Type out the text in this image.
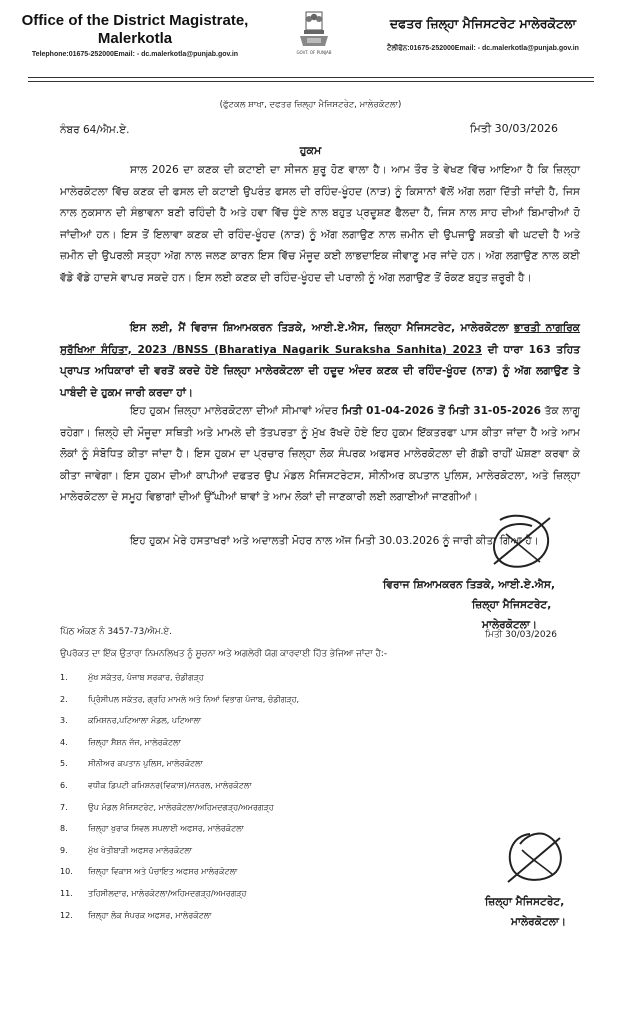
Office of the District Magistrate,
Malerkotla
Telephone:01675-252000Email: - dc.malerkotla@punjab.gov.in	GOVT. OF PUNJAB
ਦਫਤਰ ਜ਼ਿਲ੍ਹਾ ਮੈਜਿਸਟਰੇਟ ਮਾਲੇਰਕੋਟਲਾ
ਟੈਲੀਫੋਨ:01675-252000Email: - dc.malerkotla@punjab.gov.in
(ਫੁੱਟਕਲ ਸ਼ਾਖਾ, ਦਫਤਰ ਜ਼ਿਲ੍ਹਾ ਮੈਜਿਸਟਰੇਟ, ਮਾਲੇਰਕੋਟਲਾ)
ਨੰਬਰ 64/ਐਮ.ਏ.	ਮਿਤੀ 30/03/2026
ਹੁਕਮ

ਸਾਲ 2026 ਦਾ ਕਣਕ ਦੀ ਕਟਾਈ ਦਾ ਸੀਜਨ ਸ਼ੁਰੂ ਹੋਣ ਵਾਲਾ ਹੈ। ਆਮ ਤੌਰ ਤੇ ਵੇਖਣ ਵਿੱਚ ਆਇਆ ਹੈ ਕਿ ਜ਼ਿਲ੍ਹਾ ਮਾਲੇਰਕੋਟਲਾ ਵਿੱਚ ਕਣਕ ਦੀ ਫਸਲ ਦੀ ਕਟਾਈ ਉਪਰੰਤ ਫਸਲ ਦੀ ਰਹਿੰਦ-ਖੂੰਹਦ (ਨਾੜ) ਨੂੰ ਕਿਸਾਨਾਂ ਵੱਲੋਂ ਅੱਗ ਲਗਾ ਦਿੱਤੀ ਜਾਂਦੀ ਹੈ, ਜਿਸ ਨਾਲ ਨੁਕਸਾਨ ਦੀ ਸੰਭਾਵਨਾ ਬਣੀ ਰਹਿੰਦੀ ਹੈ ਅਤੇ ਹਵਾ ਵਿੱਚ ਧੂੰਏ ਨਾਲ ਬਹੁਤ ਪ੍ਰਦੂਸ਼ਣ ਫੈਲਦਾ ਹੈ, ਜਿਸ ਨਾਲ ਸਾਹ ਦੀਆਂ ਬਿਮਾਰੀਆਂ ਹੋ ਜਾਂਦੀਆਂ ਹਨ। ਇਸ ਤੋਂ ਇਲਾਵਾ ਕਣਕ ਦੀ ਰਹਿੰਦ-ਖੂੰਹਦ (ਨਾੜ) ਨੂੰ ਅੱਗ ਲਗਾਉਣ ਨਾਲ ਜ਼ਮੀਨ ਦੀ ਉਪਜਾਊ ਸ਼ਕਤੀ ਵੀ ਘਟਦੀ ਹੈ ਅਤੇ ਜ਼ਮੀਨ ਦੀ ਉਪਰਲੀ ਸਤ੍ਹਾ ਅੱਗ ਨਾਲ ਜਲਣ ਕਾਰਨ ਇਸ ਵਿੱਚ ਮੌਜੂਦ ਕਈ ਲਾਭਦਾਇਕ ਜੀਵਾਣੂ ਮਰ ਜਾਂਦੇ ਹਨ। ਅੱਗ ਲਗਾਉਣ ਨਾਲ ਕਈ ਵੱਡੇ ਵੱਡੇ ਹਾਦਸੇ ਵਾਪਰ ਸਕਦੇ ਹਨ। ਇਸ ਲਈ ਕਣਕ ਦੀ ਰਹਿੰਦ-ਖੂੰਹਦ ਦੀ ਪਰਾਲੀ ਨੂੰ ਅੱਗ ਲਗਾਉਣ ਤੋਂ ਰੋਕਣ ਬਹੁਤ ਜ਼ਰੂਰੀ ਹੈ।

ਇਸ ਲਈ, ਮੈਂ ਵਿਰਾਜ ਸ਼ਿਆਮਕਰਨ ਤਿੜਕੇ, ਆਈ.ਏ.ਐਸ, ਜ਼ਿਲ੍ਹਾ ਮੈਜਿਸਟਰੇਟ, ਮਾਲੇਰਕੋਟਲਾ ਭਾਰਤੀ ਨਾਗਰਿਕ ਸੁਰੱਖਿਆ ਸੰਹਿਤਾ, 2023 /BNSS (Bharatiya Nagarik Suraksha Sanhita) 2023 ਦੀ ਧਾਰਾ 163 ਤਹਿਤ ਪ੍ਰਾਪਤ ਅਧਿਕਾਰਾਂ ਦੀ ਵਰਤੋਂ ਕਰਦੇ ਹੋਏ ਜ਼ਿਲ੍ਹਾ ਮਾਲੇਰਕੋਟਲਾ ਦੀ ਹਦੂਦ ਅੰਦਰ ਕਣਕ ਦੀ ਰਹਿੰਦ-ਖੂੰਹਦ (ਨਾੜ) ਨੂੰ ਅੱਗ ਲਗਾਉਣ ਤੇ ਪਾਬੰਦੀ ਦੇ ਹੁਕਮ ਜਾਰੀ ਕਰਦਾ ਹਾਂ।

ਇਹ ਹੁਕਮ ਜ਼ਿਲ੍ਹਾ ਮਾਲੇਰਕੋਟਲਾ ਦੀਆਂ ਸੀਮਾਵਾਂ ਅੰਦਰ ਮਿਤੀ 01-04-2026 ਤੋਂ ਮਿਤੀ 31-05-2026 ਤੱਕ ਲਾਗੂ ਰਹੇਗਾ। ਜ਼ਿਲ੍ਹੇ ਦੀ ਮੌਜੂਦਾ ਸਥਿਤੀ ਅਤੇ ਮਾਮਲੇ ਦੀ ਤੱਤਪਰਤਾ ਨੂੰ ਮੁੱਖ ਰੱਖਦੇ ਹੋਏ ਇਹ ਹੁਕਮ ਇੱਕਤਰਫਾ ਪਾਸ ਕੀਤਾ ਜਾਂਦਾ ਹੈ ਅਤੇ ਆਮ ਲੋਕਾਂ ਨੂੰ ਸੰਬੋਧਿਤ ਕੀਤਾ ਜਾਂਦਾ ਹੈ। ਇਸ ਹੁਕਮ ਦਾ ਪ੍ਰਚਾਰ ਜ਼ਿਲ੍ਹਾ ਲੋਕ ਸੰਪਰਕ ਅਫਸਰ ਮਾਲੇਰਕੋਟਲਾ ਦੀ ਗੱਡੀ ਰਾਹੀਂ ਘੋਸ਼ਣਾ ਕਰਵਾ ਕੇ ਕੀਤਾ ਜਾਵੇਗਾ। ਇਸ ਹੁਕਮ ਦੀਆਂ ਕਾਪੀਆਂ ਦਫਤਰ ਉਪ ਮੰਡਲ ਮੈਜਿਸਟਰੇਟਸ, ਸੀਨੀਅਰ ਕਪਤਾਨ ਪੁਲਿਸ, ਮਾਲੇਰਕੋਟਲਾ, ਅਤੇ ਜ਼ਿਲ੍ਹਾ ਮਾਲੇਰਕੋਟਲਾ ਦੇ ਸਮੂਹ ਵਿਭਾਗਾਂ ਦੀਆਂ ਉੱਘੀਆਂ ਥਾਵਾਂ ਤੇ ਆਮ ਲੋਕਾਂ ਦੀ ਜਾਣਕਾਰੀ ਲਈ ਲਗਾਈਆਂ ਜਾਣਗੀਆਂ।

ਇਹ ਹੁਕਮ ਮੇਰੇ ਹਸਤਾਖਰਾਂ ਅਤੇ ਅਦਾਲਤੀ ਮੋਹਰ ਨਾਲ ਅੱਜ ਮਿਤੀ 30.03.2026 ਨੂੰ ਜਾਰੀ ਕੀਤਾ ਗਿਆ ਹੈ।

ਵਿਰਾਜ ਸ਼ਿਆਮਕਰਨ ਤਿੜਕੇ, ਆਈ.ਏ.ਐਸ,
ਜ਼ਿਲ੍ਹਾ ਮੈਜਿਸਟਰੇਟ,
ਮਾਲੇਰਕੋਟਲਾ।
ਪਿੱਠ ਅੰਕਣ ਨੰ 3457-73/ਐਮ.ਏ.	ਮਿਤੀ 30/03/2026
ਉਪਰੋਕਤ ਦਾ ਇੱਕ ਉਤਾਰਾ ਨਿਮਨਲਿਖਤ ਨੂੰ ਸੂਚਨਾ ਅਤੇ ਅਗਲੇਰੀ ਯੋਗ ਕਾਰਵਾਈ ਹਿੱਤ ਭੇਜਿਆ ਜਾਂਦਾ ਹੈ:-
1.	ਮੁੱਖ ਸਕੱਤਰ, ਪੰਜਾਬ ਸਰਕਾਰ, ਚੰਡੀਗੜ੍ਹ
2.	ਪ੍ਰਿੰਸੀਪਲ ਸਕੱਤਰ, ਗ੍ਰਹਿ ਮਾਮਲੇ ਅਤੇ ਨਿਆਂ ਵਿਭਾਗ ਪੰਜਾਬ, ਚੰਡੀਗੜ੍ਹ,
3.	ਕਮਿਸ਼ਨਰ,ਪਟਿਆਲਾ ਮੰਡਲ, ਪਟਿਆਲਾ
4.	ਜ਼ਿਲ੍ਹਾ ਸੈਸ਼ਨ ਜੱਜ, ਮਾਲੇਰਕੋਟਲਾ
5.	ਸੀਨੀਅਰ ਕਪਤਾਨ ਪੁਲਿਸ, ਮਾਲੇਰਕੋਟਲਾ
6.	ਵਧੀਕ ਡਿਪਟੀ ਕਮਿਸ਼ਨਰ(ਵਿਕਾਸ)/ਜਨਰਲ, ਮਾਲੇਰਕੋਟਲਾ
7.	ਉਪ ਮੰਡਲ ਮੈਜਿਸਟਰੇਟ, ਮਾਲੇਰਕੋਟਲਾ/ਅਹਿਮਦਗੜ੍ਹ/ਅਮਰਗੜ੍ਹ
8.	ਜ਼ਿਲ੍ਹਾ ਖੁਰਾਕ ਸਿਵਲ ਸਪਲਾਈ ਅਫਸਰ, ਮਾਲੇਰਕੋਟਲਾ
9.	ਮੁੱਖ ਖੇਤੀਬਾੜੀ ਅਫਸਰ ਮਾਲੇਰਕੋਟਲਾ
10. ਜ਼ਿਲ੍ਹਾ ਵਿਕਾਸ ਅਤੇ ਪੰਚਾਇਤ ਅਫਸਰ ਮਾਲੇਰਕੋਟਲਾ
11. ਤਹਿਸੀਲਦਾਰ, ਮਾਲੇਰਕੋਟਲਾ/ਅਹਿਮਦਗੜ੍ਹ/ਅਮਰਗੜ੍ਹ
12. ਜ਼ਿਲ੍ਹਾ ਲੋਕ ਸੰਪਰਕ ਅਫਸਰ, ਮਾਲੇਰਕੋਟਲਾ
ਜ਼ਿਲ੍ਹਾ ਮੈਜਿਸਟਰੇਟ,
ਮਾਲੇਰਕੋਟਲਾ।
